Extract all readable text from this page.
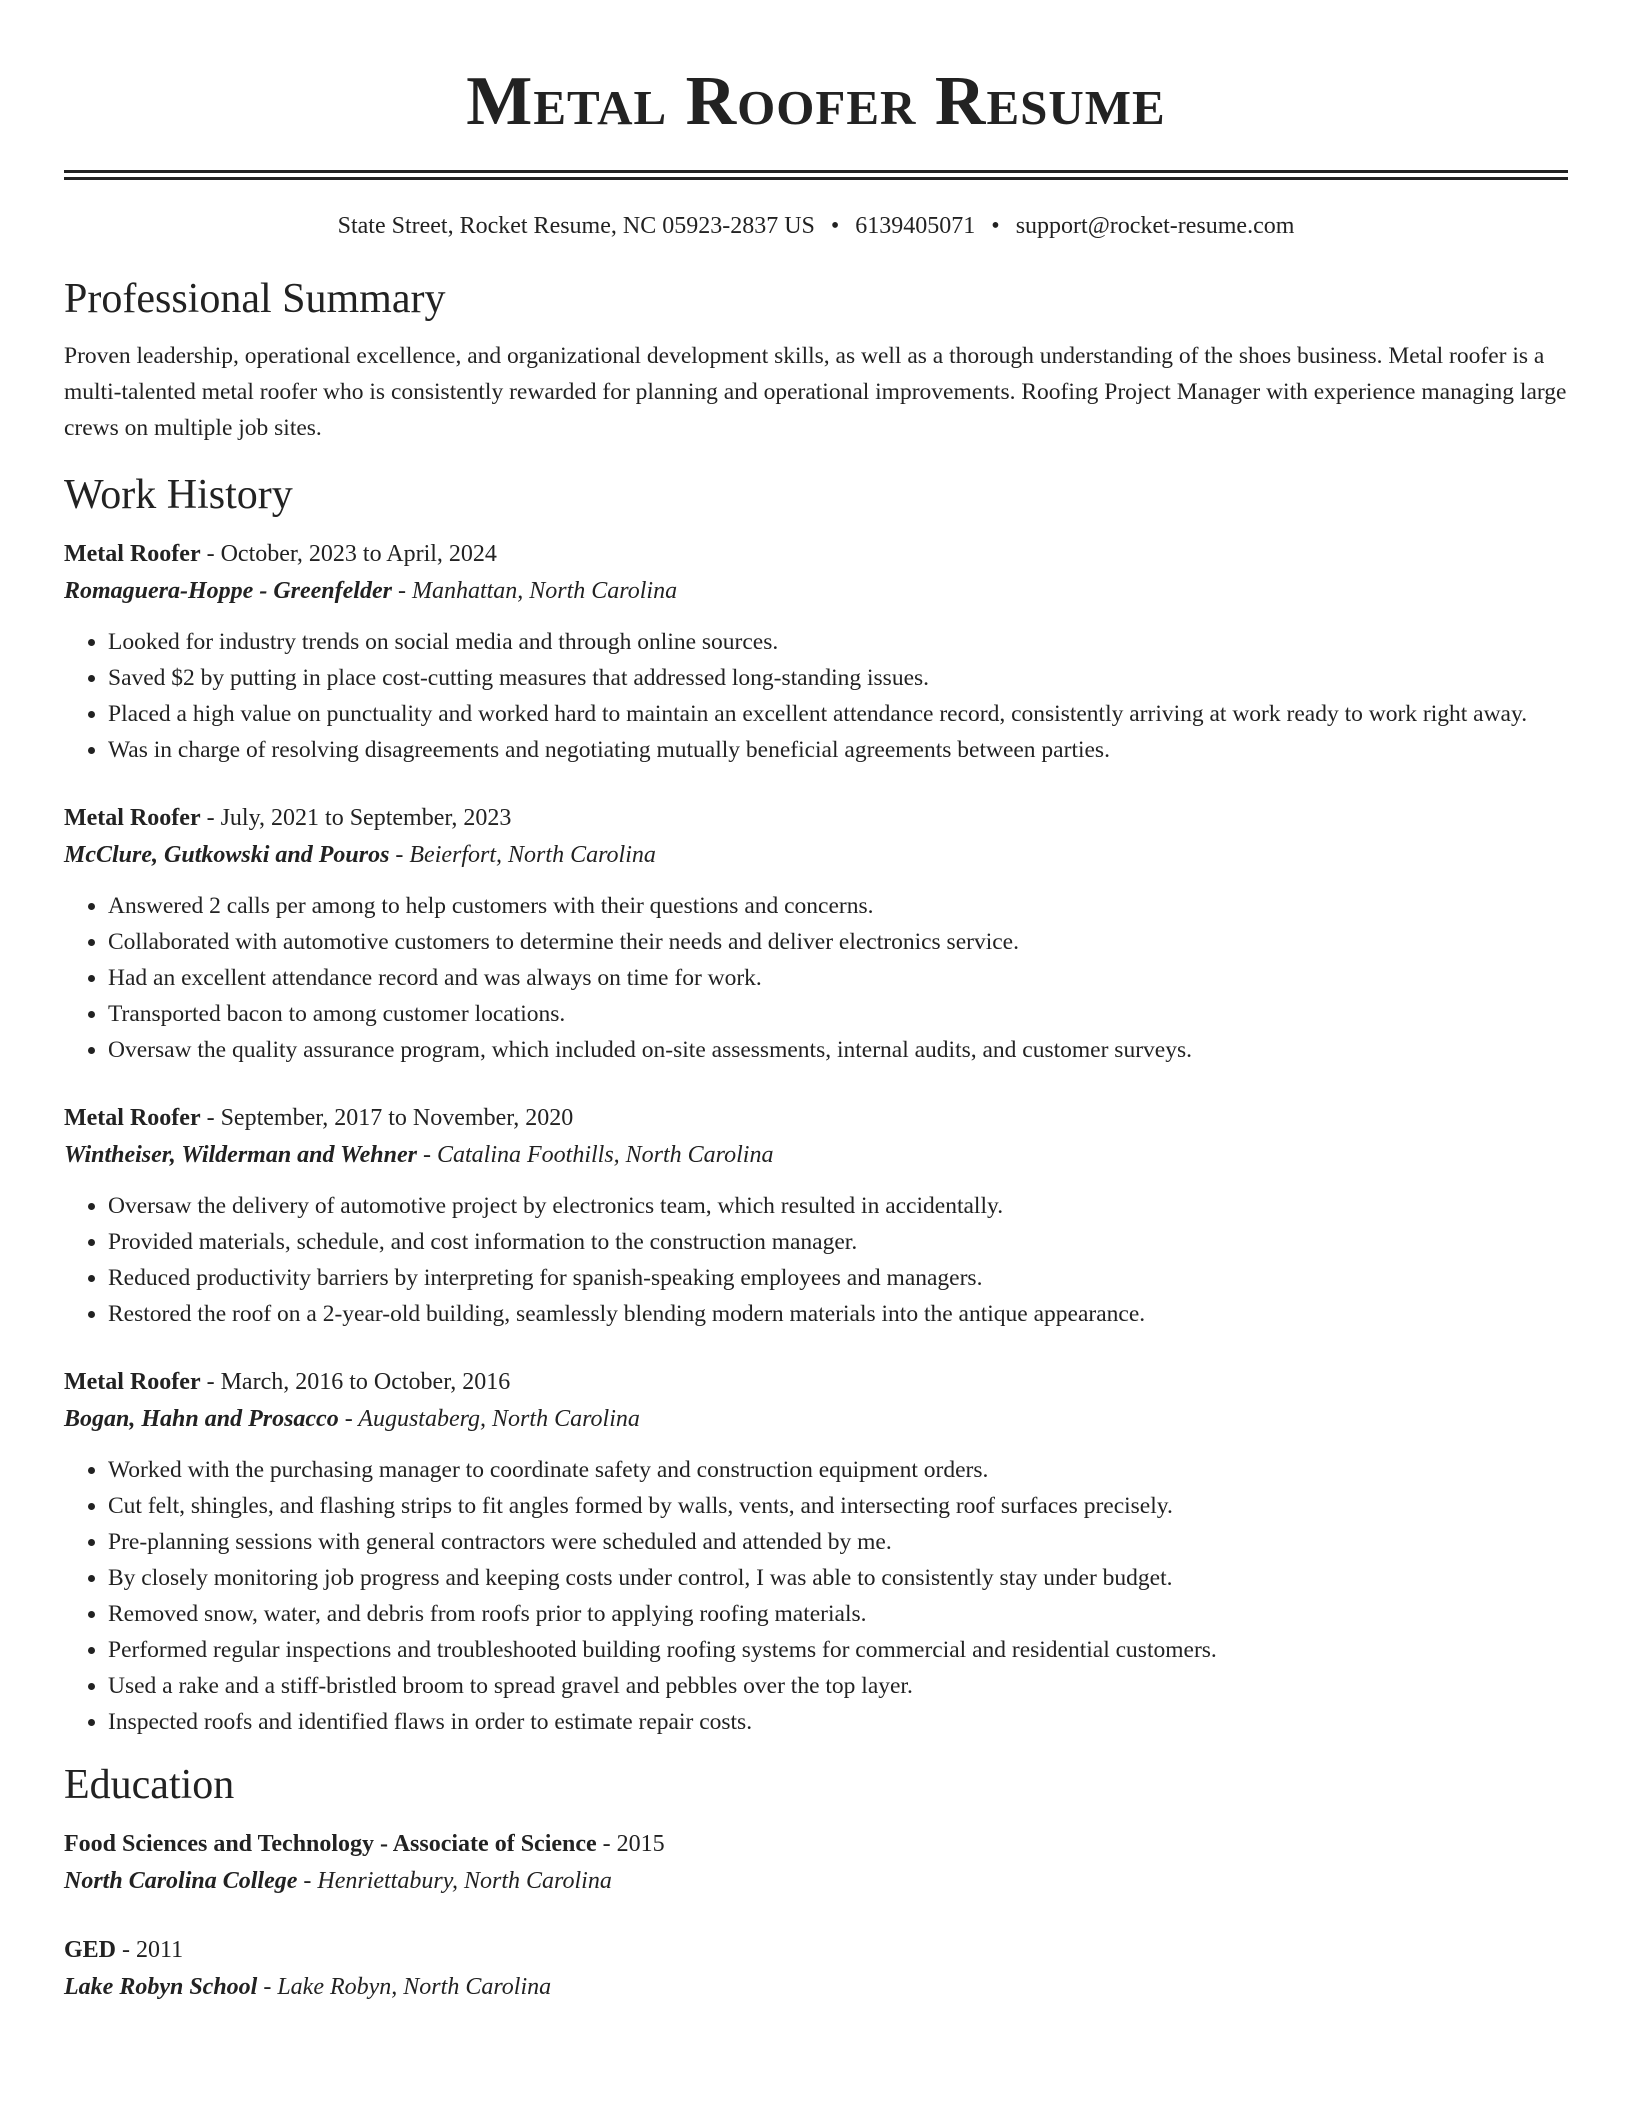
Metal Roofer Resume
State Street, Rocket Resume, NC 05923-2837 US • 6139405071 • support@rocket-resume.com
Professional Summary

Proven leadership, operational excellence, and organizational development skills, as well as a thorough understanding of the shoes business. Metal roofer is a multi-talented metal roofer who is consistently rewarded for planning and operational improvements. Roofing Project Manager with experience managing large crews on multiple job sites.

Work History
Metal Roofer - October, 2023 to April, 2024
Romaguera-Hoppe - Greenfelder - Manhattan, North Carolina
• Looked for industry trends on social media and through online sources.
• Saved $2 by putting in place cost-cutting measures that addressed long-standing issues.
• Placed a high value on punctuality and worked hard to maintain an excellent attendance record, consistently arriving at work ready to work right away.
• Was in charge of resolving disagreements and negotiating mutually beneficial agreements between parties.
Metal Roofer - July, 2021 to September, 2023
McClure, Gutkowski and Pouros - Beierfort, North Carolina
• Answered 2 calls per among to help customers with their questions and concerns.
• Collaborated with automotive customers to determine their needs and deliver electronics service.
• Had an excellent attendance record and was always on time for work.
• Transported bacon to among customer locations.
• Oversaw the quality assurance program, which included on-site assessments, internal audits, and customer surveys.
Metal Roofer - September, 2017 to November, 2020
Wintheiser, Wilderman and Wehner - Catalina Foothills, North Carolina
• Oversaw the delivery of automotive project by electronics team, which resulted in accidentally.
• Provided materials, schedule, and cost information to the construction manager.
• Reduced productivity barriers by interpreting for spanish-speaking employees and managers.
• Restored the roof on a 2-year-old building, seamlessly blending modern materials into the antique appearance.
Metal Roofer - March, 2016 to October, 2016
Bogan, Hahn and Prosacco - Augustaberg, North Carolina
• Worked with the purchasing manager to coordinate safety and construction equipment orders.
• Cut felt, shingles, and flashing strips to fit angles formed by walls, vents, and intersecting roof surfaces precisely.
• Pre-planning sessions with general contractors were scheduled and attended by me.
• By closely monitoring job progress and keeping costs under control, I was able to consistently stay under budget.
• Removed snow, water, and debris from roofs prior to applying roofing materials.
• Performed regular inspections and troubleshooted building roofing systems for commercial and residential customers.
• Used a rake and a stiff-bristled broom to spread gravel and pebbles over the top layer.
• Inspected roofs and identified flaws in order to estimate repair costs.
Education
Food Sciences and Technology - Associate of Science - 2015
North Carolina College - Henriettabury, North Carolina
GED - 2011
Lake Robyn School - Lake Robyn, North Carolina
